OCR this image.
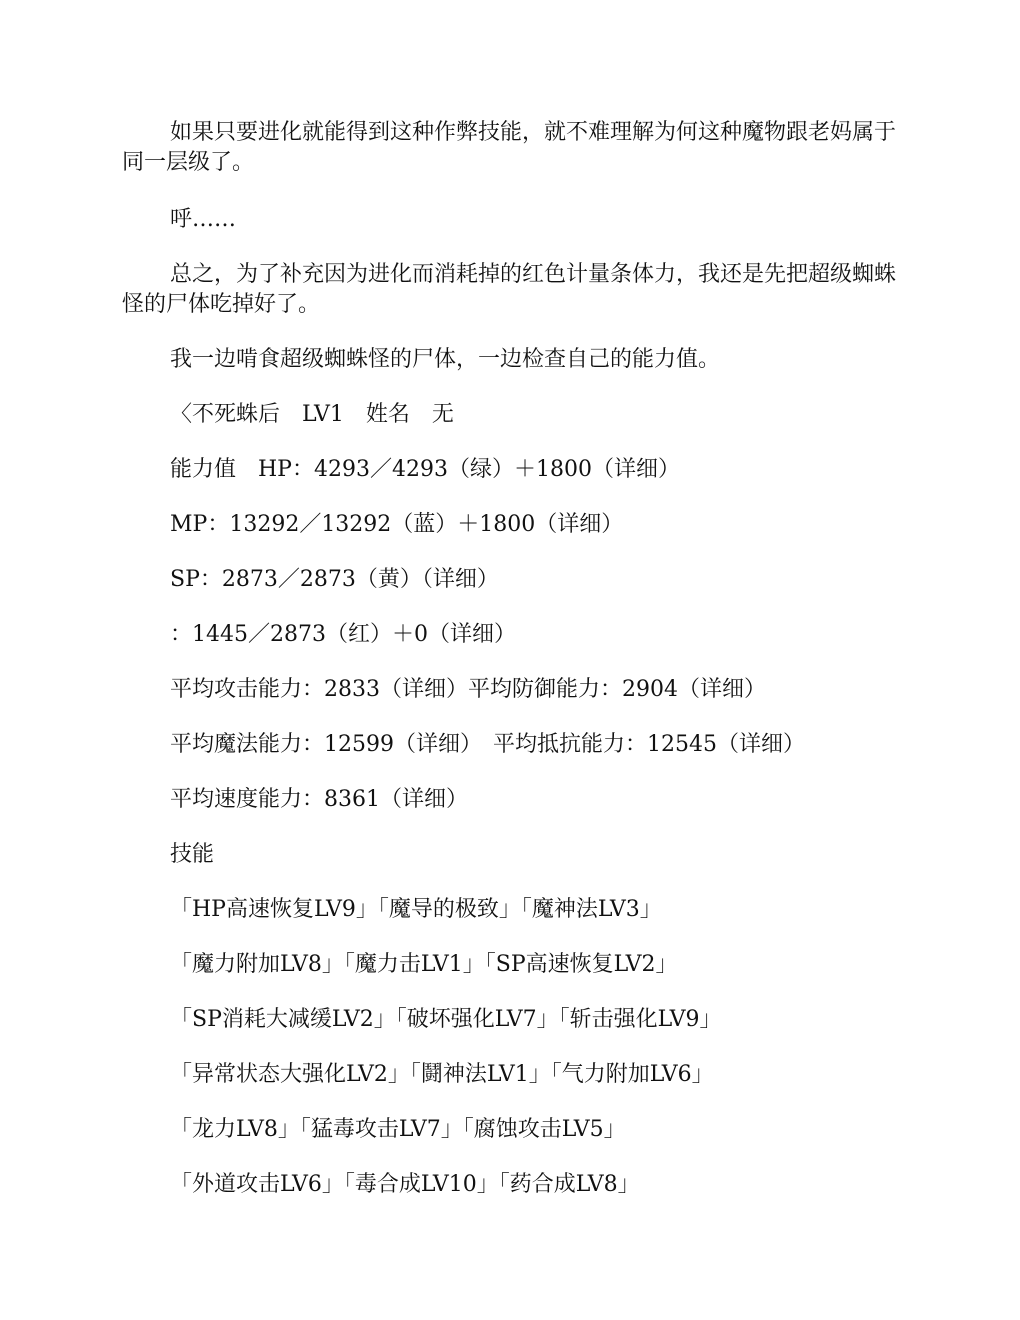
如果只要进化就能得到这种作弊技能，就不难理解为何这种魔物跟老妈属于同一层级了。

呼……

总之，为了补充因为进化而消耗掉的红色计量条体力，我还是先把超级蜘蛛怪的尸体吃掉好了。

我一边啃食超级蜘蛛怪的尸体，一边检查自己的能力值。

〈不死蛛后　LV1　姓名　无

能力值　HP：4293／4293（绿）＋1800（详细）

MP：13292／13292（蓝）＋1800（详细）

SP：2873／2873（黄）（详细）

：1445／2873（红）＋0（详细）

平均攻击能力：2833（详细）平均防御能力：2904（详细）

平均魔法能力：12599（详细）　平均抵抗能力：12545（详细）

平均速度能力：8361（详细）

技能

「HP高速恢复LV9」「魔导的极致」「魔神法LV3」

「魔力附加LV8」「魔力击LV1」「SP高速恢复LV2」

「SP消耗大减缓LV2」「破坏强化LV7」「斩击强化LV9」

「异常状态大强化LV2」「鬪神法LV1」「气力附加LV6」

「龙力LV8」「猛毒攻击LV7」「腐蚀攻击LV5」

「外道攻击LV6」「毒合成LV10」「药合成LV8」
